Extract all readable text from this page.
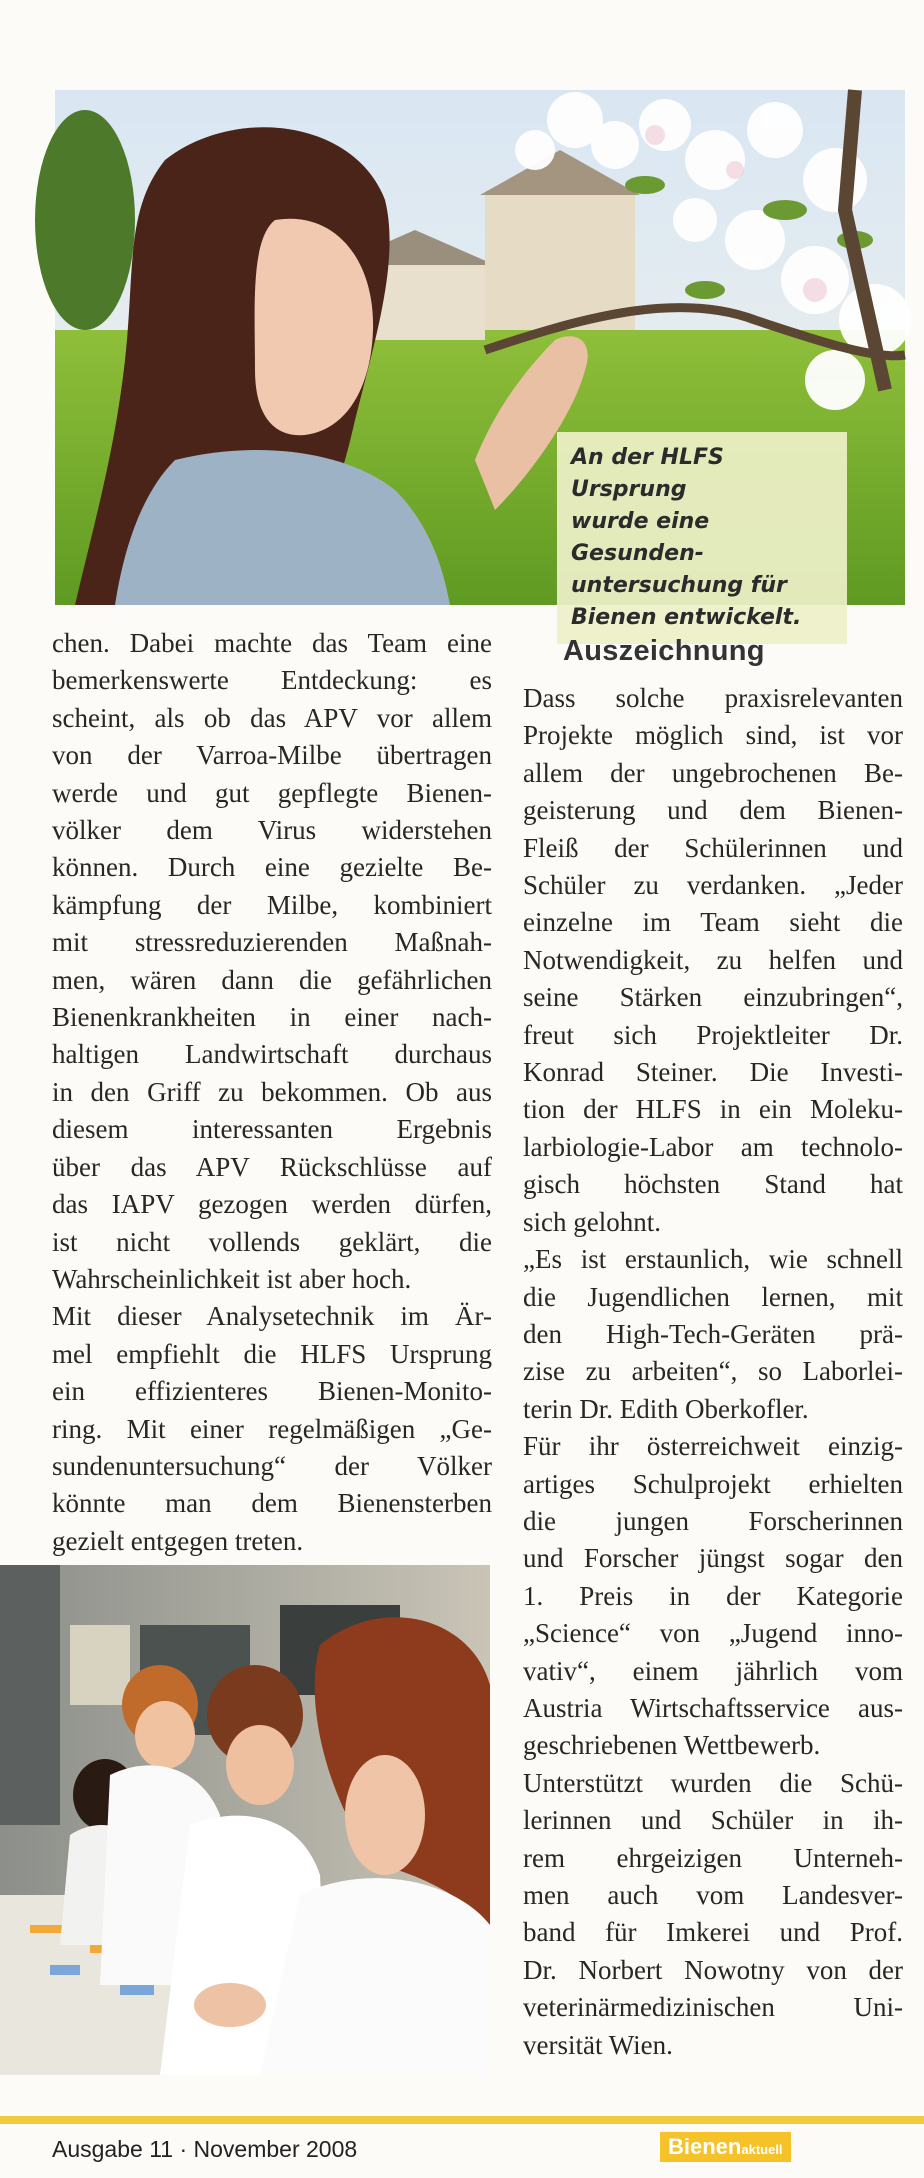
An der HLFS Ursprung
wurde eine Gesunden-
untersuchung für
Bienen entwickelt.
chen. Dabei machte das Team eine
bemerkenswerte Entdeckung: es
scheint, als ob das APV vor allem
von der Varroa-Milbe übertragen
werde und gut gepflegte Bienen-
völker dem Virus widerstehen
können. Durch eine gezielte Be-
kämpfung der Milbe, kombiniert
mit stressreduzierenden Maßnah-
men, wären dann die gefährlichen
Bienenkrankheiten in einer nach-
haltigen Landwirtschaft durchaus
in den Griff zu bekommen. Ob aus
diesem interessanten Ergebnis
über das APV Rückschlüsse auf
das IAPV gezogen werden dürfen,
ist nicht vollends geklärt, die
Wahrscheinlichkeit ist aber hoch.
Mit dieser Analysetechnik im Är-
mel empfiehlt die HLFS Ursprung
ein effizienteres Bienen-Monito-
ring. Mit einer regelmäßigen „Ge-
sundenuntersuchung“ der Völker
könnte man dem Bienensterben
gezielt entgegen treten.
Auszeichnung
Dass solche praxisrelevanten
Projekte möglich sind, ist vor
allem der ungebrochenen Be-
geisterung und dem Bienen-
Fleiß der Schülerinnen und
Schüler zu verdanken. „Jeder
einzelne im Team sieht die
Notwendigkeit, zu helfen und
seine Stärken einzubringen“,
freut sich Projektleiter Dr.
Konrad Steiner. Die Investi-
tion der HLFS in ein Moleku-
larbiologie-Labor am technolo-
gisch höchsten Stand hat
sich gelohnt.
„Es ist erstaunlich, wie schnell
die Jugendlichen lernen, mit
den High-Tech-Geräten prä-
zise zu arbeiten“, so Laborlei-
terin Dr. Edith Oberkofler.
Für ihr österreichweit einzig-
artiges Schulprojekt erhielten
die jungen Forscherinnen
und Forscher jüngst sogar den
1. Preis in der Kategorie
„Science“ von „Jugend inno-
vativ“, einem jährlich vom
Austria Wirtschaftsservice aus-
geschriebenen Wettbewerb.
Unterstützt wurden die Schü-
lerinnen und Schüler in ih-
rem ehrgeizigen Unterneh-
men auch vom Landesver-
band für Imkerei und Prof.
Dr. Norbert Nowotny von der
veterinärmedizinischen Uni-
versität Wien.
Ausgabe 11 · November 2008	Bienenaktuell
